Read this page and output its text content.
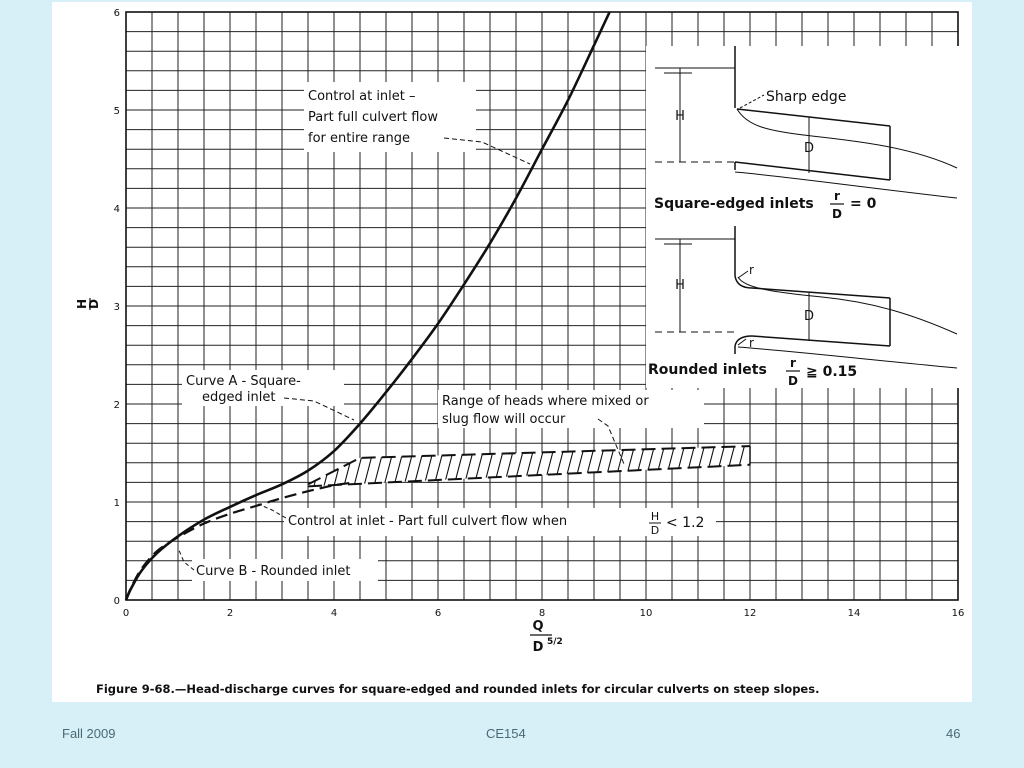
0	2	4	6	8	10	12	14	16
0
1
2
3
4
5
6
H
D
Sharp edge
Square-edged inlets r
D
= 0
H
D
r
r
Rounded inlets r
D
≧ 0.15
Control at inlet –
Part full culvert flow
for entire range
Curve A - Square-
edged inlet	Range of heads where mixed or
slug flow will occur
Control at inlet - Part full culvert flow when	H
D < 1.2
Curve B - Rounded inlet
H
D
Q
D 5/2
Figure 9-68.—Head-discharge curves for square-edged and rounded inlets for circular culverts on steep slopes.
Fall 2009	CE154	46
